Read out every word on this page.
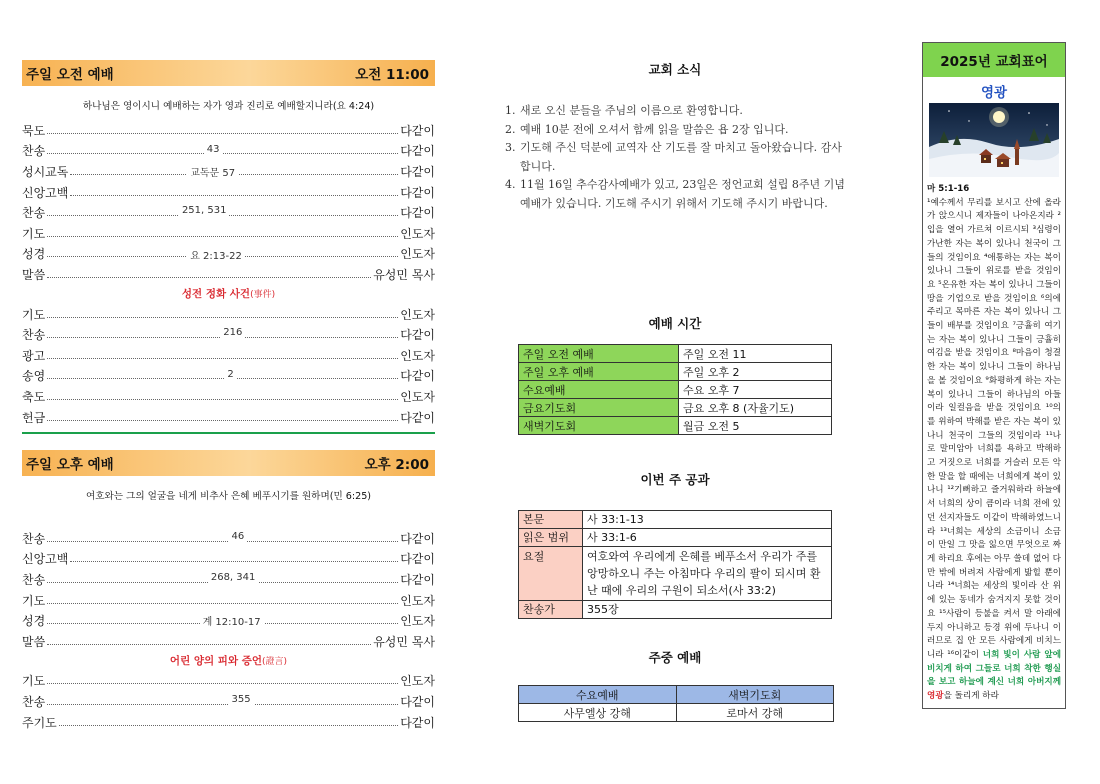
주일 오전 예배	오전 11:00
하나님은 영이시니 예배하는 자가 영과 진리로 예배할지니라(요 4:24)
묵도	다같이
찬송	43	다같이
성시교독	교독문 57	다같이
신앙고백	다같이
찬송	251, 531	다같이
기도	인도자
성경	요 2:13-22	인도자
말씀	유성민 목사
성전 정화 사건(事件)
기도	인도자
찬송	216	다같이
광고	인도자
송영	2	다같이
축도	인도자
헌금	다같이
주일 오후 예배	오후 2:00
여호와는 그의 얼굴을 네게 비추사 은혜 베푸시기를 원하며(민 6:25)
찬송	46	다같이
신앙고백	다같이
찬송	268, 341	다같이
기도	인도자
성경	계 12:10-17	인도자
말씀	유성민 목사
어린 양의 피와 증언(證言)
기도	인도자
찬송	355	다같이
주기도	다같이
교회 소식
1. 새로 오신 분들을 주님의 이름으로 환영합니다.
2. 예배 10분 전에 오셔서 함께 읽을 말씀은 욥 2장 입니다.
3. 기도해 주신 덕분에 교역자 산 기도를 잘 마치고 돌아왔습니다. 감사합니다.
4. 11월 16일 추수감사예배가 있고, 23일은 정언교회 설립 8주년 기념 예배가 있습니다. 기도해 주시기 위해서 기도해 주시기 바랍니다.
예배 시간
주일 오전 예배	주일 오전 11
주일 오후 예배	주일 오후 2
수요예배	수요 오후 7
금요기도회	금요 오후 8 (자율기도)
새벽기도회	월금 오전 5
이번 주 공과
본문	사 33:1-13
읽은 범위	사 33:1-6
요절	여호와여 우리에게 은혜를 베푸소서 우리가 주를 앙망하오니 주는 아침마다 우리의 팔이 되시며 환난 때에 우리의 구원이 되소서(사 33:2)
찬송가	355장
주중 예배
수요예배	새벽기도회
사무엘상 강해	로마서 강해
2025년 교회표어
영광
마 5:1-16
¹예수께서 무리를 보시고 산에 올라가 앉으시니 제자들이 나아온지라 ²입을 열어 가르쳐 이르시되 ³심령이 가난한 자는 복이 있나니 천국이 그들의 것임이요 ⁴애통하는 자는 복이 있나니 그들이 위로를 받을 것임이요 ⁵온유한 자는 복이 있나니 그들이 땅을 기업으로 받을 것임이요 ⁶의에 주리고 목마른 자는 복이 있나니 그들이 배부를 것임이요 ⁷긍휼히 여기는 자는 복이 있나니 그들이 긍휼히 여김을 받을 것임이요 ⁸마음이 청결한 자는 복이 있나니 그들이 하나님을 볼 것임이요 ⁹화평하게 하는 자는 복이 있나니 그들이 하나님의 아들이라 일컬음을 받을 것임이요 ¹⁰의를 위하여 박해를 받은 자는 복이 있나니 천국이 그들의 것임이라 ¹¹나로 말미암아 너희를 욕하고 박해하고 거짓으로 너희를 거슬러 모든 악한 말을 할 때에는 너희에게 복이 있나니 ¹²기뻐하고 즐거워하라 하늘에서 너희의 상이 큼이라 너희 전에 있던 선지자들도 이같이 박해하였느니라 ¹³너희는 세상의 소금이니 소금이 만일 그 맛을 잃으면 무엇으로 짜게 하리요 후에는 아무 쓸데 없어 다만 밖에 버려져 사람에게 밟힐 뿐이니라 ¹⁴너희는 세상의 빛이라 산 위에 있는 동네가 숨겨지지 못할 것이요 ¹⁵사람이 등불을 켜서 말 아래에 두지 아니하고 등경 위에 두나니 이러므로 집 안 모든 사람에게 비치느니라 ¹⁶이같이 너희 빛이 사람 앞에 비치게 하여 그들로 너희 착한 행실을 보고 하늘에 계신 너희 아버지께 영광을 돌리게 하라
